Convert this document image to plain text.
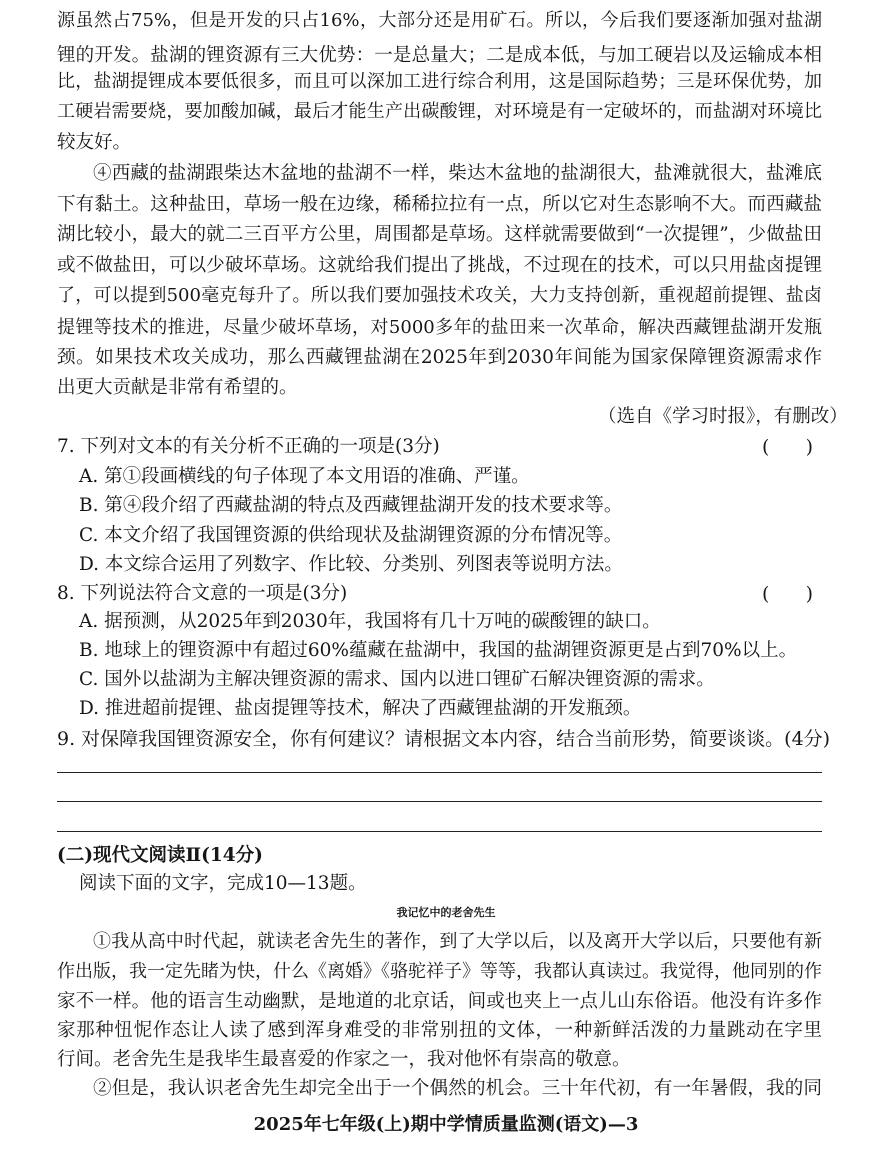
源虽然占75%，但是开发的只占16%，大部分还是用矿石。所以，今后我们要逐渐加强对盐湖
锂的开发。盐湖的锂资源有三大优势：一是总量大；二是成本低，与加工硬岩以及运输成本相
比，盐湖提锂成本要低很多，而且可以深加工进行综合利用，这是国际趋势；三是环保优势，加
工硬岩需要烧，要加酸加碱，最后才能生产出碳酸锂，对环境是有一定破坏的，而盐湖对环境比
较友好。
④西藏的盐湖跟柴达木盆地的盐湖不一样，柴达木盆地的盐湖很大，盐滩就很大，盐滩底
下有黏土。这种盐田，草场一般在边缘，稀稀拉拉有一点，所以它对生态影响不大。而西藏盐
湖比较小，最大的就二三百平方公里，周围都是草场。这样就需要做到“一次提锂”，少做盐田
或不做盐田，可以少破坏草场。这就给我们提出了挑战，不过现在的技术，可以只用盐卤提锂
了，可以提到500毫克每升了。所以我们要加强技术攻关，大力支持创新，重视超前提锂、盐卤
提锂等技术的推进，尽量少破坏草场，对5000多年的盐田来一次革命，解决西藏锂盐湖开发瓶
颈。如果技术攻关成功，那么西藏锂盐湖在2025年到2030年间能为国家保障锂资源需求作
出更大贡献是非常有希望的。
（选自《学习时报》，有删改）
7. 下列对文本的有关分析不正确的一项是(3分)	(      )
A. 第①段画横线的句子体现了本文用语的准确、严谨。
B. 第④段介绍了西藏盐湖的特点及西藏锂盐湖开发的技术要求等。
C. 本文介绍了我国锂资源的供给现状及盐湖锂资源的分布情况等。
D. 本文综合运用了列数字、作比较、分类别、列图表等说明方法。
8. 下列说法符合文意的一项是(3分)	(      )
A. 据预测，从2025年到2030年，我国将有几十万吨的碳酸锂的缺口。
B. 地球上的锂资源中有超过60%蕴藏在盐湖中，我国的盐湖锂资源更是占到70%以上。
C. 国外以盐湖为主解决锂资源的需求、国内以进口锂矿石解决锂资源的需求。
D. 推进超前提锂、盐卤提锂等技术，解决了西藏锂盐湖的开发瓶颈。
9. 对保障我国锂资源安全，你有何建议？请根据文本内容，结合当前形势，简要谈谈。(4分)
(二)现代文阅读Ⅱ(14分)
阅读下面的文字，完成10—13题。
我记忆中的老舍先生
①我从高中时代起，就读老舍先生的著作，到了大学以后，以及离开大学以后，只要他有新
作出版，我一定先睹为快，什么《离婚》《骆驼祥子》等等，我都认真读过。我觉得，他同别的作
家不一样。他的语言生动幽默，是地道的北京话，间或也夹上一点儿山东俗语。他没有许多作
家那种忸怩作态让人读了感到浑身难受的非常别扭的文体，一种新鲜活泼的力量跳动在字里
行间。老舍先生是我毕生最喜爱的作家之一，我对他怀有崇高的敬意。
②但是，我认识老舍先生却完全出于一个偶然的机会。三十年代初，有一年暑假，我的同
2025年七年级(上)期中学情质量监测(语文)—3
